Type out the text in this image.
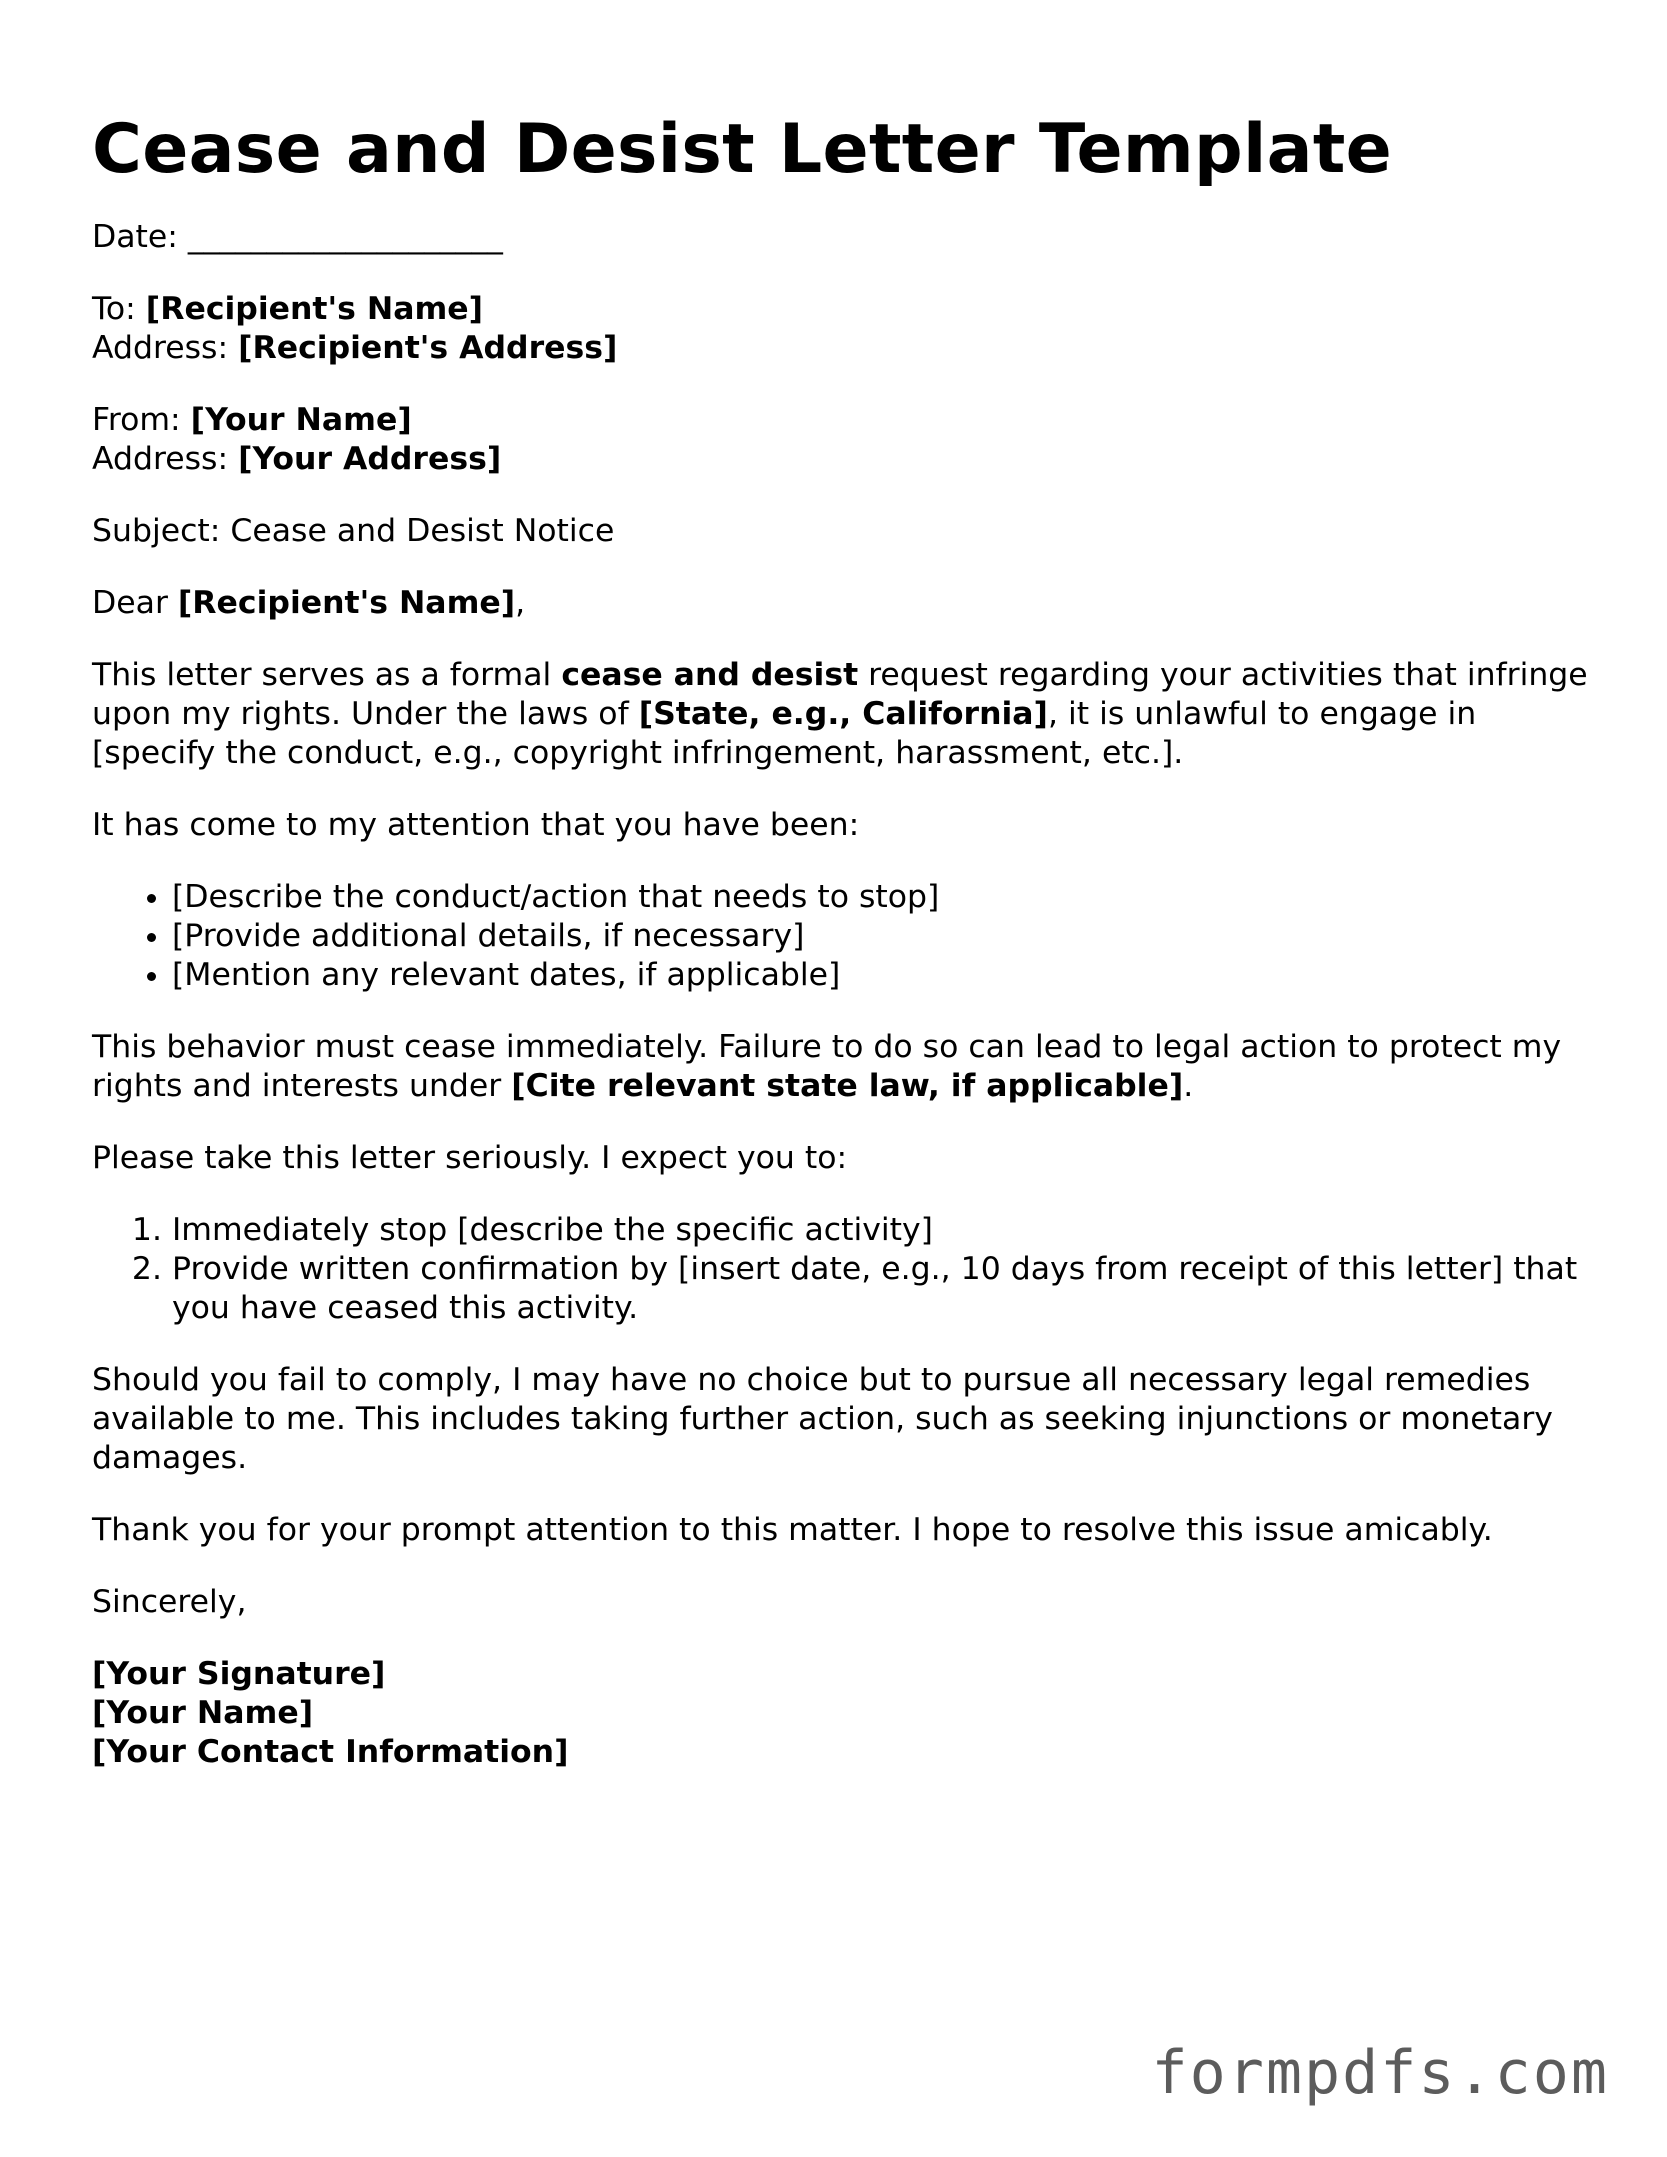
Cease and Desist Letter Template

Date: ____________________

To: [Recipient's Name]
Address: [Recipient's Address]

From: [Your Name]
Address: [Your Address]

Subject: Cease and Desist Notice

Dear [Recipient's Name],

This letter serves as a formal cease and desist request regarding your activities that infringe upon my rights. Under the laws of [State, e.g., California], it is unlawful to engage in [specify the conduct, e.g., copyright infringement, harassment, etc.].

It has come to my attention that you have been:

• [Describe the conduct/action that needs to stop]
• [Provide additional details, if necessary]
• [Mention any relevant dates, if applicable]

This behavior must cease immediately. Failure to do so can lead to legal action to protect my rights and interests under [Cite relevant state law, if applicable].

Please take this letter seriously. I expect you to:

1. Immediately stop [describe the specific activity]
2. Provide written confirmation by [insert date, e.g., 10 days from receipt of this letter] that you have ceased this activity.

Should you fail to comply, I may have no choice but to pursue all necessary legal remedies available to me. This includes taking further action, such as seeking injunctions or monetary damages.

Thank you for your prompt attention to this matter. I hope to resolve this issue amicably.

Sincerely,

[Your Signature]
[Your Name]
[Your Contact Information]

formpdfs.com
